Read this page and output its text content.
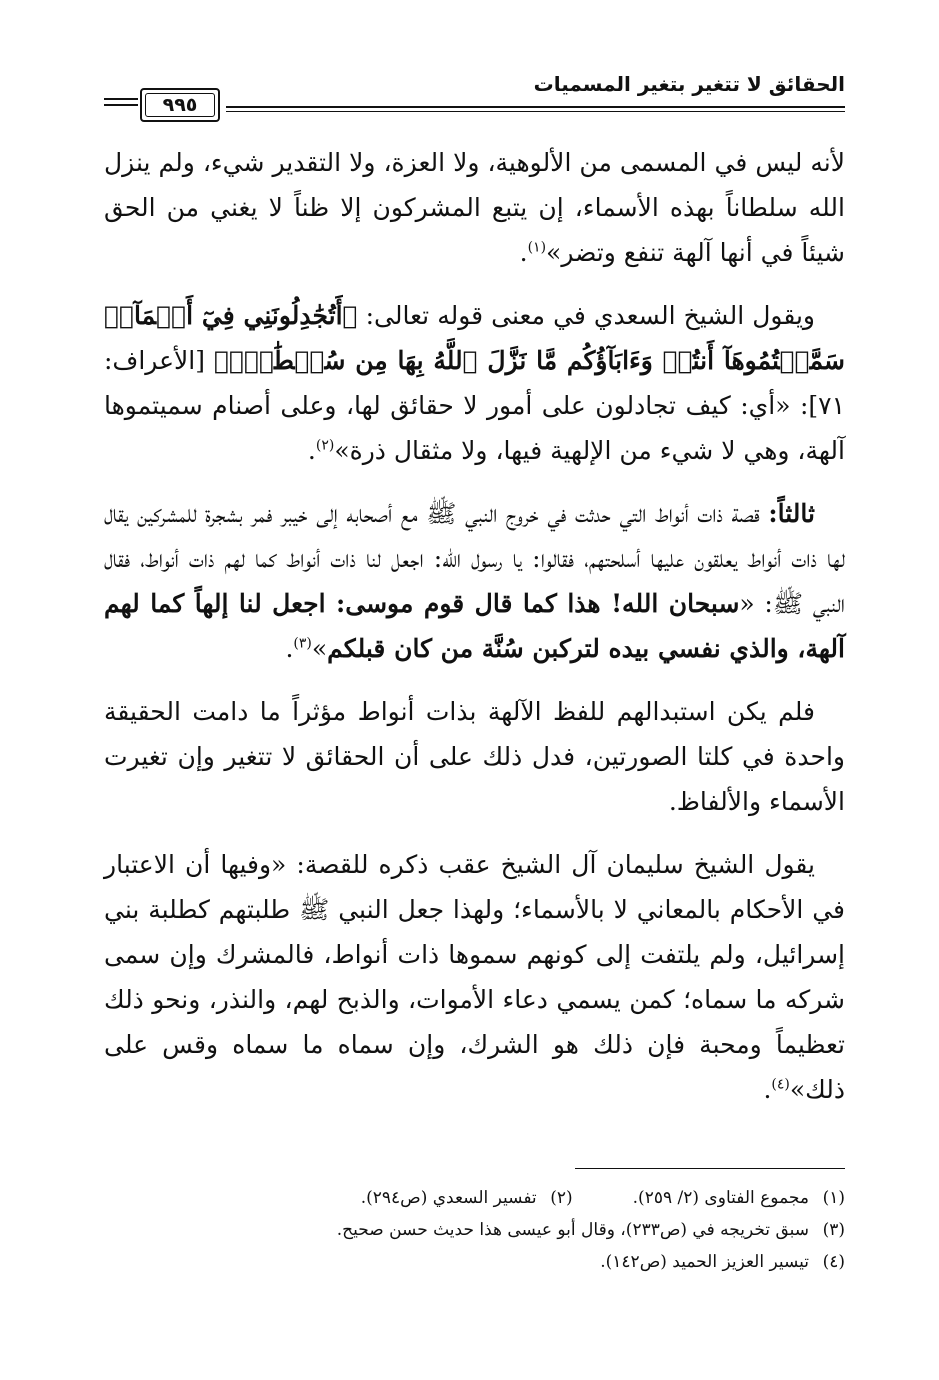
الحقائق لا تتغير بتغير المسميات
٩٩٥

لأنه ليس في المسمى من الألوهية، ولا العزة، ولا التقدير شيء، ولم ينزل الله سلطاناً بهذه الأسماء، إن يتبع المشركون إلا ظناً لا يغني من الحق شيئاً في أنها آلهة تنفع وتضر»$^{(١)}$.

ويقول الشيخ السعدي في معنى قوله تعالى: ﴿أَتُجَٰدِلُونَنِي فِيٓ أَسۡمَآءٖ سَمَّيۡتُمُوهَآ أَنتُمۡ وَءَابَآؤُكُم مَّا نَزَّلَ ٱللَّهُ بِهَا مِن سُلۡطَٰنٖۚ﴾ [الأعراف: ٧١]: «أي: كيف تجادلون على أمور لا حقائق لها، وعلى أصنام سميتموها آلهة، وهي لا شيء من الإلهية فيها، ولا مثقال ذرة»$^{(٢)}$.

ثالثاً: قصة ذات أنواط التي حدثت في خروج النبي ﷺ مع أصحابه إلى خيبر فمر بشجرة للمشركين يقال لها ذات أنواط يعلقون عليها أسلحتهم، فقالوا: يا رسول الله: اجعل لنا ذات أنواط كما لهم ذات أنواط، فقال النبي ﷺ: «سبحان الله! هذا كما قال قوم موسى: اجعل لنا إلهاً كما لهم آلهة، والذي نفسي بيده لتركبن سُنَّة من كان قبلكم»$^{(٣)}$.

فلم يكن استبدالهم للفظ الآلهة بذات أنواط مؤثراً ما دامت الحقيقة واحدة في كلتا الصورتين، فدل ذلك على أن الحقائق لا تتغير وإن تغيرت الأسماء والألفاظ.

يقول الشيخ سليمان آل الشيخ عقب ذكره للقصة: «وفيها أن الاعتبار في الأحكام بالمعاني لا بالأسماء؛ ولهذا جعل النبي ﷺ طلبتهم كطلبة بني إسرائيل، ولم يلتفت إلى كونهم سموها ذات أنواط، فالمشرك وإن سمى شركه ما سماه؛ كمن يسمي دعاء الأموات، والذبح لهم، والنذر، ونحو ذلك تعظيماً ومحبة فإن ذلك هو الشرك، وإن سماه ما سماه وقس على ذلك»$^{(٤)}$.

(١)مجموع الفتاوى (٢/ ٢٥٩).(٢)تفسير السعدي (ص٢٩٤).
(٣)سبق تخريجه في (ص٢٣٣)، وقال أبو عيسى هذا حديث حسن صحيح.
(٤)تيسير العزيز الحميد (ص١٤٢).
